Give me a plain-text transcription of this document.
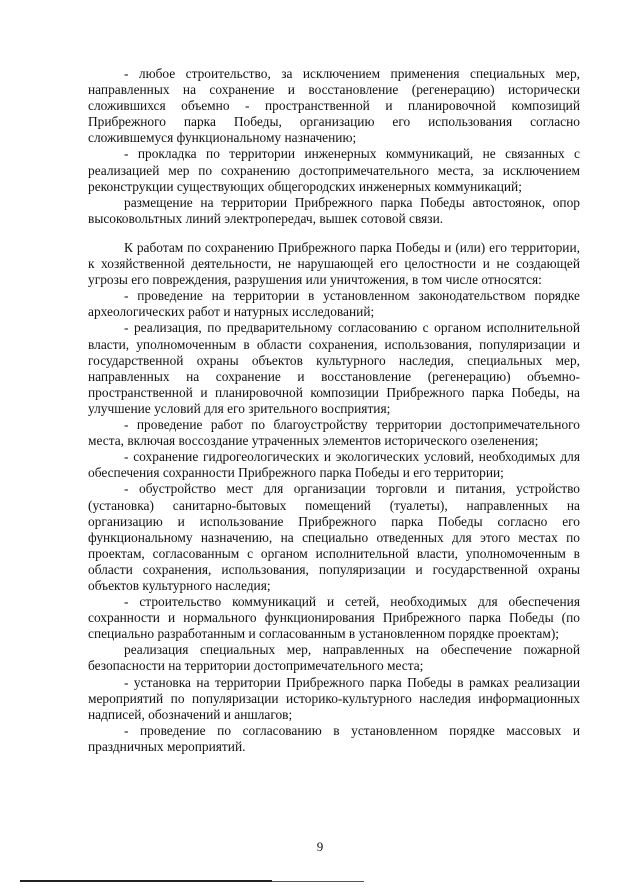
- любое строительство, за исключением применения специальных мер, направленных на сохранение и восстановление (регенерацию) исторически сложившихся объемно - пространственной и планировочной композиций Прибрежного парка Победы, организацию его использования согласно сложившемуся функциональному назначению;

- прокладка по территории инженерных коммуникаций, не связанных с реализацией мер по сохранению достопримечательного места, за исключением реконструкции существующих общегородских инженерных коммуникаций;

размещение на территории Прибрежного парка Победы автостоянок, опор высоковольтных линий электропередач, вышек сотовой связи.

К работам по сохранению Прибрежного парка Победы и (или) его территории, к хозяйственной деятельности, не нарушающей его целостности и не создающей угрозы его повреждения, разрушения или уничтожения, в том числе относятся:

- проведение на территории в установленном законодательством порядке археологических работ и натурных исследований;

- реализация, по предварительному согласованию с органом исполнительной власти, уполномоченным в области сохранения, использования, популяризации и государственной охраны объектов культурного наследия, специальных мер, направленных на сохранение и восстановление (регенерацию) объемно-пространственной и планировочной композиции Прибрежного парка Победы, на улучшение условий для его зрительного восприятия;

- проведение работ по благоустройству территории достопримечательного места, включая воссоздание утраченных элементов исторического озеленения;

- сохранение гидрогеологических и экологических условий, необходимых для обеспечения сохранности Прибрежного парка Победы и его территории;

- обустройство мест для организации торговли и питания, устройство (установка) санитарно-бытовых помещений (туалеты), направленных на организацию и использование Прибрежного парка Победы согласно его функциональному назначению, на специально отведенных для этого местах по проектам, согласованным с органом исполнительной власти, уполномоченным в области сохранения, использования, популяризации и государственной охраны объектов культурного наследия;

- строительство коммуникаций и сетей, необходимых для обеспечения сохранности и нормального функционирования Прибрежного парка Победы (по специально разработанным и согласованным в установленном порядке проектам);

реализация специальных мер, направленных на обеспечение пожарной безопасности на территории достопримечательного места;

- установка на территории Прибрежного парка Победы в рамках реализации мероприятий по популяризации историко-культурного наследия информационных надписей, обозначений и аншлагов;

- проведение по согласованию в установленном порядке массовых и праздничных мероприятий.

9
